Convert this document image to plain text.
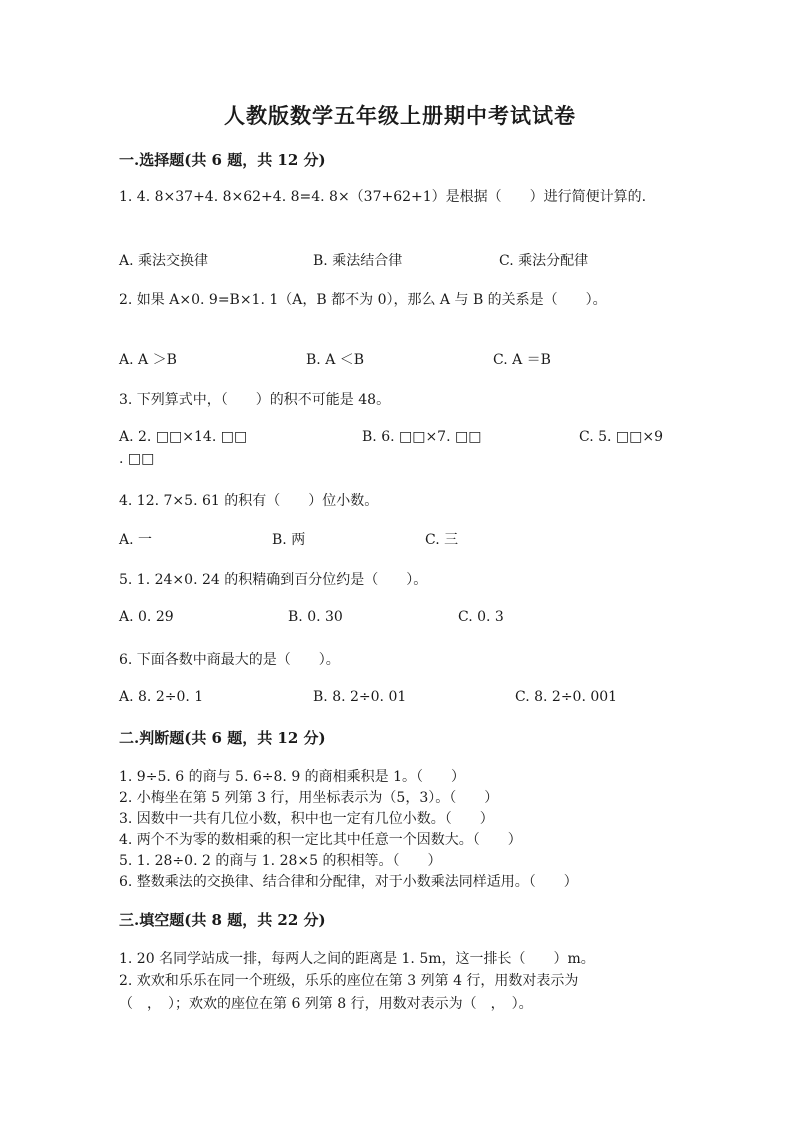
人教版数学五年级上册期中考试试卷
一.选择题(共 6 题，共 12 分)
1. 4. 8×37+4. 8×62+4. 8=4. 8×（37+62+1）是根据（　　）进行简便计算的.
A. 乘法交换律	B. 乘法结合律	C. 乘法分配律
2. 如果 A×0. 9=B×1. 1（A，B 都不为 0），那么 A 与 B 的关系是（　　）。
A. A ＞B	B. A ＜B	C. A ＝B
3. 下列算式中，（　　）的积不可能是 48。
A. 2. □□×14. □□	B. 6. □□×7. □□	C. 5. □□×9
. □□
4. 12. 7×5. 61 的积有（　　）位小数。
A. 一	B. 两	C. 三
5. 1. 24×0. 24 的积精确到百分位约是（　　）。
A. 0. 29	B. 0. 30	C. 0. 3
6. 下面各数中商最大的是（　　）。
A. 8. 2÷0. 1	B. 8. 2÷0. 01	C. 8. 2÷0. 001
二.判断题(共 6 题，共 12 分)
1. 9÷5. 6 的商与 5. 6÷8. 9 的商相乘积是 1。（　　）
2. 小梅坐在第 5 列第 3 行，用坐标表示为（5，3）。（　　）
3. 因数中一共有几位小数，积中也一定有几位小数。（　　）
4. 两个不为零的数相乘的积一定比其中任意一个因数大。（　　）
5. 1. 28÷0. 2 的商与 1. 28×5 的积相等。（　　）
6. 整数乘法的交换律、结合律和分配律，对于小数乘法同样适用。（　　）
三.填空题(共 8 题，共 22 分)
1. 20 名同学站成一排，每两人之间的距离是 1. 5m，这一排长（　　）m。
2. 欢欢和乐乐在同一个班级，乐乐的座位在第 3 列第 4 行，用数对表示为
（　，　）；欢欢的座位在第 6 列第 8 行，用数对表示为（　，　）。
